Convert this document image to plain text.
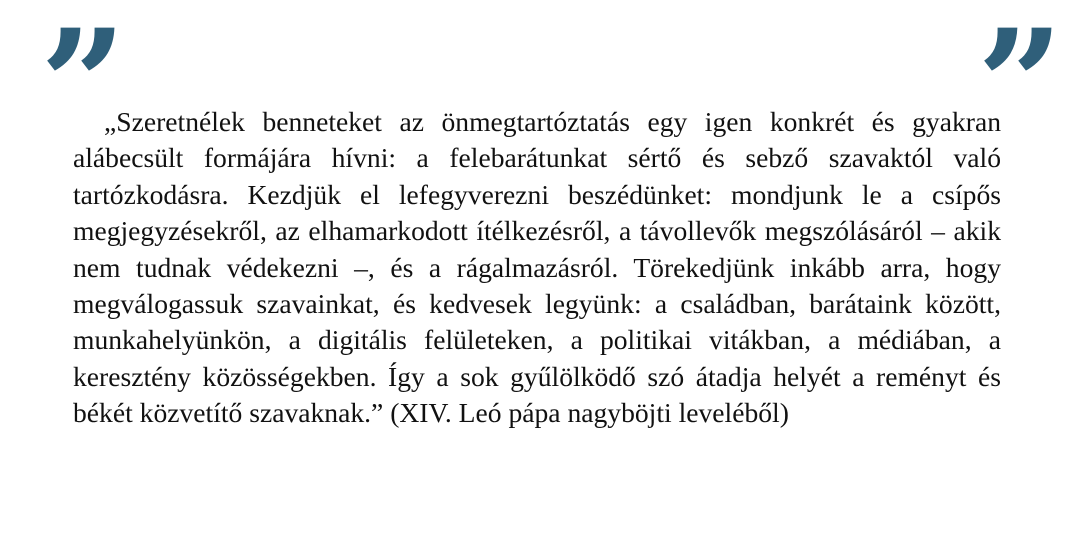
”	”

„Szeretnélek benneteket az önmegtartóztatás egy igen konkrét és gyakran alábecsült formájára hívni: a felebarátunkat sértő és sebző szavaktól való tartózkodásra. Kezdjük el lefegyverezni beszédünket: mondjunk le a csípős megjegyzésekről, az elhamarkodott ítélkezésről, a távollevők megszólásáról – akik nem tudnak védekezni –, és a rágalmazásról. Törekedjünk inkább arra, hogy megválogassuk szavainkat, és kedvesek legyünk: a családban, barátaink között, munkahelyünkön, a digitális felületeken, a politikai vitákban, a médiában, a keresztény közösségekben. Így a sok gyűlölködő szó átadja helyét a reményt és békét közvetítő szavaknak.” (XIV. Leó pápa nagyböjti leveléből)
